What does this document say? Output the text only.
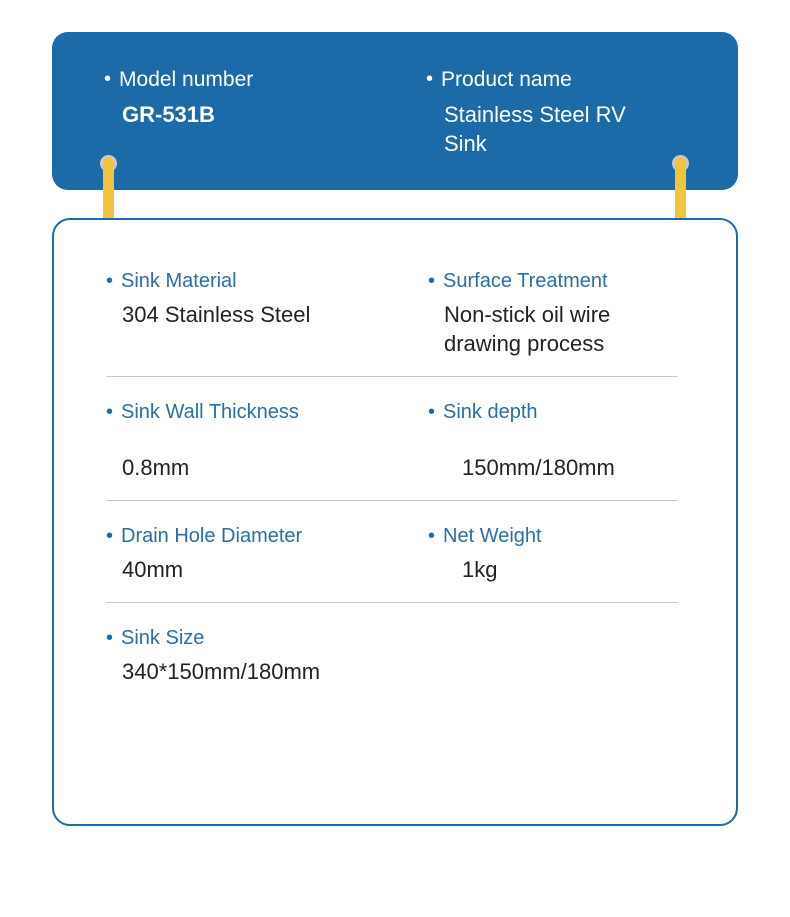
• Model number
GR-531B
• Product name
Stainless Steel RV Sink
• Sink Material
304 Stainless Steel
• Surface Treatment
Non-stick oil wire drawing process
• Sink Wall Thickness
0.8mm
• Sink depth
150mm/180mm
• Drain Hole Diameter
40mm
• Net Weight
1kg
• Sink Size
340*150mm/180mm
